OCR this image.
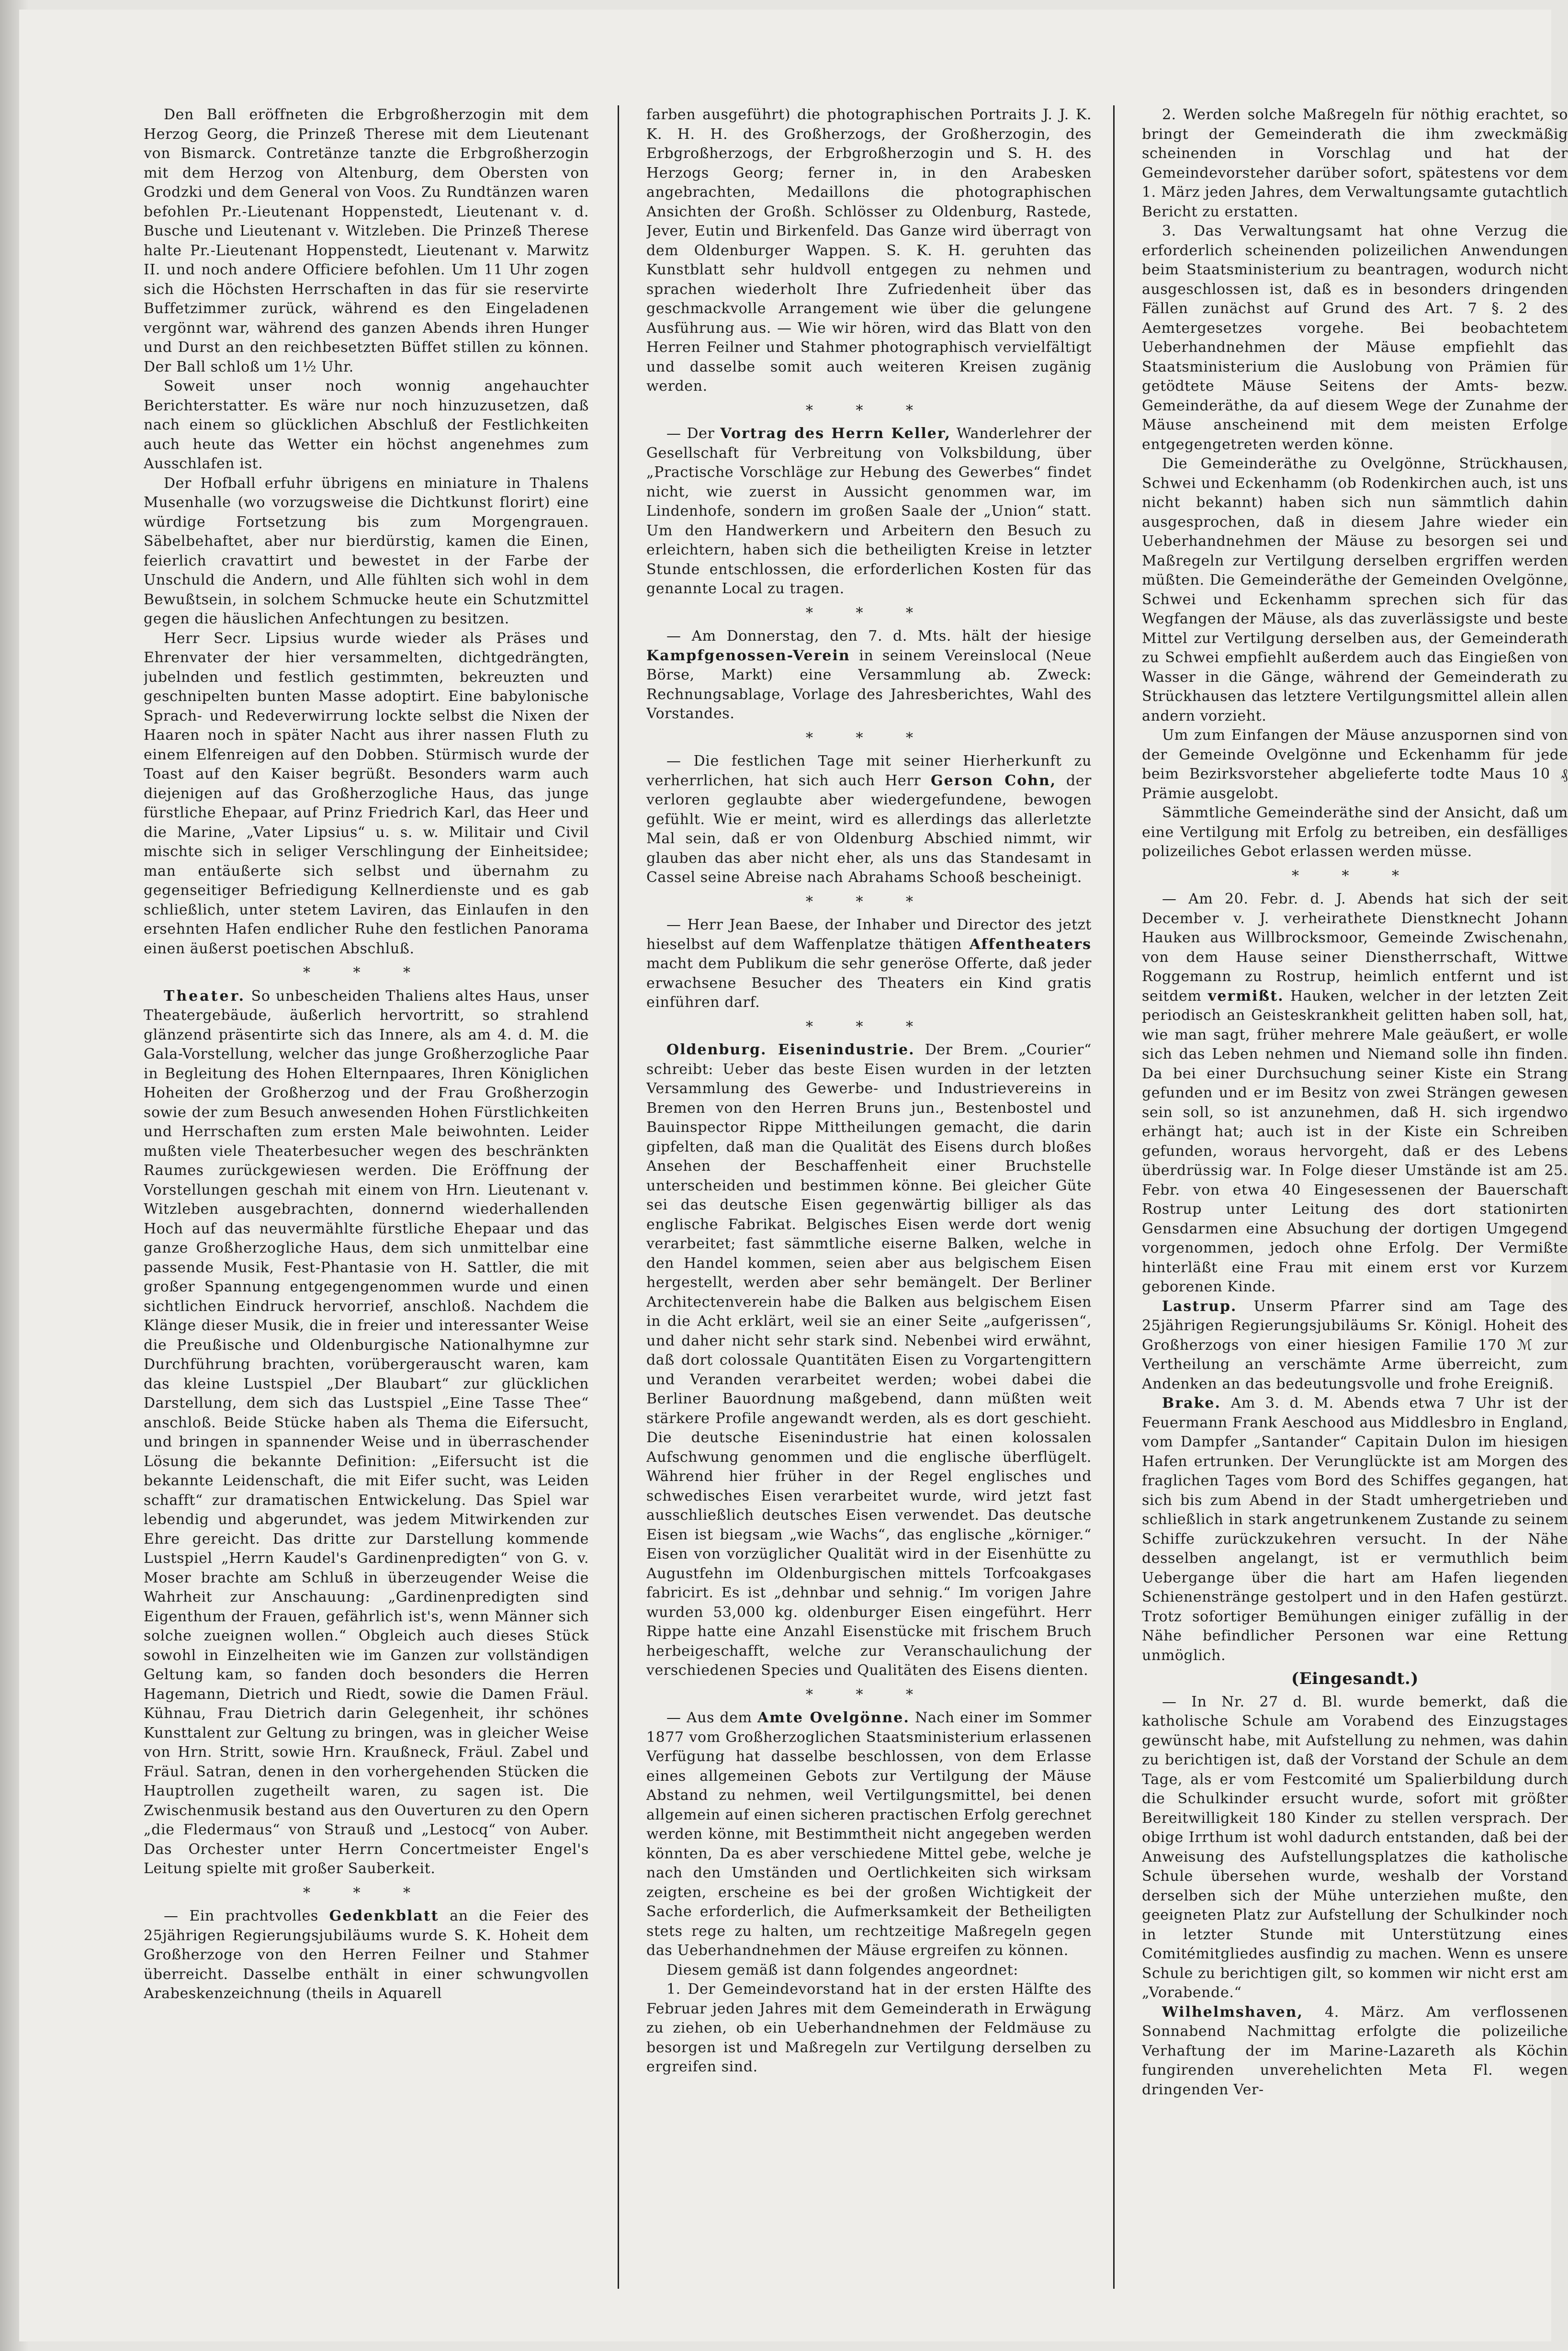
Den Ball eröffneten die Erbgroßherzogin mit dem Herzog Georg, die Prinzeß Therese mit dem Lieutenant von Bismarck. Contretänze tanzte die Erbgroßherzogin mit dem Herzog von Altenburg, dem Obersten von Grodzki und dem General von Voos. Zu Rundtänzen waren befohlen Pr.-Lieutenant Hoppenstedt, Lieutenant v. d. Busche und Lieutenant v. Witzleben. Die Prinzeß Therese halte Pr.-Lieutenant Hoppenstedt, Lieutenant v. Marwitz II. und noch andere Officiere befohlen. Um 11 Uhr zogen sich die Höchsten Herrschaften in das für sie reservirte Buffetzimmer zurück, während es den Eingeladenen vergönnt war, während des ganzen Abends ihren Hunger und Durst an den reichbesetzten Büffet stillen zu können. Der Ball schloß um 1½ Uhr.

Soweit unser noch wonnig angehauchter Berichterstatter. Es wäre nur noch hinzuzusetzen, daß nach einem so glücklichen Abschluß der Festlichkeiten auch heute das Wetter ein höchst angenehmes zum Ausschlafen ist.

Der Hofball erfuhr übrigens en miniature in Thalens Musenhalle (wo vorzugsweise die Dichtkunst florirt) eine würdige Fortsetzung bis zum Morgengrauen. Säbelbehaftet, aber nur bierdürstig, kamen die Einen, feierlich cravattirt und bewestet in der Farbe der Unschuld die Andern, und Alle fühlten sich wohl in dem Bewußtsein, in solchem Schmucke heute ein Schutzmittel gegen die häuslichen Anfechtungen zu besitzen.

Herr Secr. Lipsius wurde wieder als Präses und Ehrenvater der hier versammelten, dichtgedrängten, jubelnden und festlich gestimmten, bekreuzten und geschnipelten bunten Masse adoptirt. Eine babylonische Sprach- und Redeverwirrung lockte selbst die Nixen der Haaren noch in später Nacht aus ihrer nassen Fluth zu einem Elfenreigen auf den Dobben. Stürmisch wurde der Toast auf den Kaiser begrüßt. Besonders warm auch diejenigen auf das Großherzogliche Haus, das junge fürstliche Ehepaar, auf Prinz Friedrich Karl, das Heer und die Marine, „Vater Lipsius“ u. s. w. Militair und Civil mischte sich in seliger Verschlingung der Einheitsidee; man entäußerte sich selbst und übernahm zu gegenseitiger Befriedigung Kellnerdienste und es gab schließlich, unter stetem Laviren, das Einlaufen in den ersehnten Hafen endlicher Ruhe den festlichen Panorama einen äußerst poetischen Abschluß.

* * *

Theater. So unbescheiden Thaliens altes Haus, unser Theatergebäude, äußerlich hervortritt, so strahlend glänzend präsentirte sich das Innere, als am 4. d. M. die Gala-Vorstellung, welcher das junge Großherzogliche Paar in Begleitung des Hohen Elternpaares, Ihren Königlichen Hoheiten der Großherzog und der Frau Großherzogin sowie der zum Besuch anwesenden Hohen Fürstlichkeiten und Herrschaften zum ersten Male beiwohnten. Leider mußten viele Theaterbesucher wegen des beschränkten Raumes zurückgewiesen werden. Die Eröffnung der Vorstellungen geschah mit einem von Hrn. Lieutenant v. Witzleben ausgebrachten, donnernd wiederhallenden Hoch auf das neuvermählte fürstliche Ehepaar und das ganze Großherzogliche Haus, dem sich unmittelbar eine passende Musik, Fest-Phantasie von H. Sattler, die mit großer Spannung entgegengenommen wurde und einen sichtlichen Eindruck hervorrief, anschloß. Nachdem die Klänge dieser Musik, die in freier und interessanter Weise die Preußische und Oldenburgische Nationalhymne zur Durchführung brachten, vorübergerauscht waren, kam das kleine Lustspiel „Der Blaubart“ zur glücklichen Darstellung, dem sich das Lustspiel „Eine Tasse Thee“ anschloß. Beide Stücke haben als Thema die Eifersucht, und bringen in spannender Weise und in überraschender Lösung die bekannte Definition: „Eifersucht ist die bekannte Leidenschaft, die mit Eifer sucht, was Leiden schafft“ zur dramatischen Entwickelung. Das Spiel war lebendig und abgerundet, was jedem Mitwirkenden zur Ehre gereicht. Das dritte zur Darstellung kommende Lustspiel „Herrn Kaudel's Gardinenpredigten“ von G. v. Moser brachte am Schluß in überzeugender Weise die Wahrheit zur Anschauung: „Gardinenpredigten sind Eigenthum der Frauen, gefährlich ist's, wenn Männer sich solche zueignen wollen.“ Obgleich auch dieses Stück sowohl in Einzelheiten wie im Ganzen zur vollständigen Geltung kam, so fanden doch besonders die Herren Hagemann, Dietrich und Riedt, sowie die Damen Fräul. Kühnau, Frau Dietrich darin Gelegenheit, ihr schönes Kunsttalent zur Geltung zu bringen, was in gleicher Weise von Hrn. Stritt, sowie Hrn. Kraußneck, Fräul. Zabel und Fräul. Satran, denen in den vorhergehenden Stücken die Hauptrollen zugetheilt waren, zu sagen ist. Die Zwischenmusik bestand aus den Ouverturen zu den Opern „die Fledermaus“ von Strauß und „Lestocq“ von Auber. Das Orchester unter Herrn Concertmeister Engel's Leitung spielte mit großer Sauberkeit.

* * *

— Ein prachtvolles Gedenkblatt an die Feier des 25jährigen Regierungsjubiläums wurde S. K. Hoheit dem Großherzoge von den Herren Feilner und Stahmer überreicht. Dasselbe enthält in einer schwungvollen Arabeskenzeichnung (theils in Aquarell

farben ausgeführt) die photographischen Portraits J. J. K. K. H. H. des Großherzogs, der Großherzogin, des Erbgroßherzogs, der Erbgroßherzogin und S. H. des Herzogs Georg; ferner in, in den Arabesken angebrachten, Medaillons die photographischen Ansichten der Großh. Schlösser zu Oldenburg, Rastede, Jever, Eutin und Birkenfeld. Das Ganze wird überragt von dem Oldenburger Wappen. S. K. H. geruhten das Kunstblatt sehr huldvoll entgegen zu nehmen und sprachen wiederholt Ihre Zufriedenheit über das geschmackvolle Arrangement wie über die gelungene Ausführung aus. — Wie wir hören, wird das Blatt von den Herren Feilner und Stahmer photographisch vervielfältigt und dasselbe somit auch weiteren Kreisen zugänig werden.

* * *

— Der Vortrag des Herrn Keller, Wanderlehrer der Gesellschaft für Verbreitung von Volksbildung, über „Practische Vorschläge zur Hebung des Gewerbes“ findet nicht, wie zuerst in Aussicht genommen war, im Lindenhofe, sondern im großen Saale der „Union“ statt. Um den Handwerkern und Arbeitern den Besuch zu erleichtern, haben sich die betheiligten Kreise in letzter Stunde entschlossen, die erforderlichen Kosten für das genannte Local zu tragen.

* * *

— Am Donnerstag, den 7. d. Mts. hält der hiesige Kampfgenossen-Verein in seinem Vereinslocal (Neue Börse, Markt) eine Versammlung ab. Zweck: Rechnungsablage, Vorlage des Jahresberichtes, Wahl des Vorstandes.

* * *

— Die festlichen Tage mit seiner Hierherkunft zu verherrlichen, hat sich auch Herr Gerson Cohn, der verloren geglaubte aber wiedergefundene, bewogen gefühlt. Wie er meint, wird es allerdings das allerletzte Mal sein, daß er von Oldenburg Abschied nimmt, wir glauben das aber nicht eher, als uns das Standesamt in Cassel seine Abreise nach Abrahams Schooß bescheinigt.

* * *

— Herr Jean Baese, der Inhaber und Director des jetzt hieselbst auf dem Waffenplatze thätigen Affentheaters macht dem Publikum die sehr generöse Offerte, daß jeder erwachsene Besucher des Theaters ein Kind gratis einführen darf.

* * *

Oldenburg. Eisenindustrie. Der Brem. „Courier“ schreibt: Ueber das beste Eisen wurden in der letzten Versammlung des Gewerbe- und Industrievereins in Bremen von den Herren Bruns jun., Bestenbostel und Bauinspector Rippe Mittheilungen gemacht, die darin gipfelten, daß man die Qualität des Eisens durch bloßes Ansehen der Beschaffenheit einer Bruchstelle unterscheiden und bestimmen könne. Bei gleicher Güte sei das deutsche Eisen gegenwärtig billiger als das englische Fabrikat. Belgisches Eisen werde dort wenig verarbeitet; fast sämmtliche eiserne Balken, welche in den Handel kommen, seien aber aus belgischem Eisen hergestellt, werden aber sehr bemängelt. Der Berliner Architectenverein habe die Balken aus belgischem Eisen in die Acht erklärt, weil sie an einer Seite „aufgerissen“, und daher nicht sehr stark sind. Nebenbei wird erwähnt, daß dort colossale Quantitäten Eisen zu Vorgartengittern und Veranden verarbeitet werden; wobei dabei die Berliner Bauordnung maßgebend, dann müßten weit stärkere Profile angewandt werden, als es dort geschieht. Die deutsche Eisenindustrie hat einen kolossalen Aufschwung genommen und die englische überflügelt. Während hier früher in der Regel englisches und schwedisches Eisen verarbeitet wurde, wird jetzt fast ausschließlich deutsches Eisen verwendet. Das deutsche Eisen ist biegsam „wie Wachs“, das englische „körniger.“ Eisen von vorzüglicher Qualität wird in der Eisenhütte zu Augustfehn im Oldenburgischen mittels Torfcoakgases fabricirt. Es ist „dehnbar und sehnig.“ Im vorigen Jahre wurden 53,000 kg. oldenburger Eisen eingeführt. Herr Rippe hatte eine Anzahl Eisenstücke mit frischem Bruch herbeigeschafft, welche zur Veranschaulichung der verschiedenen Species und Qualitäten des Eisens dienten.

* * *

— Aus dem Amte Ovelgönne. Nach einer im Sommer 1877 vom Großherzoglichen Staatsministerium erlassenen Verfügung hat dasselbe beschlossen, von dem Erlasse eines allgemeinen Gebots zur Vertilgung der Mäuse Abstand zu nehmen, weil Vertilgungsmittel, bei denen allgemein auf einen sicheren practischen Erfolg gerechnet werden könne, mit Bestimmtheit nicht angegeben werden könnten, Da es aber verschiedene Mittel gebe, welche je nach den Umständen und Oertlichkeiten sich wirksam zeigten, erscheine es bei der großen Wichtigkeit der Sache erforderlich, die Aufmerksamkeit der Betheiligten stets rege zu halten, um rechtzeitige Maßregeln gegen das Ueberhandnehmen der Mäuse ergreifen zu können.

Diesem gemäß ist dann folgendes angeordnet:

1. Der Gemeindevorstand hat in der ersten Hälfte des Februar jeden Jahres mit dem Gemeinderath in Erwägung zu ziehen, ob ein Ueberhandnehmen der Feldmäuse zu besorgen ist und Maßregeln zur Vertilgung derselben zu ergreifen sind.

2. Werden solche Maßregeln für nöthig erachtet, so bringt der Gemeinderath die ihm zweckmäßig scheinenden in Vorschlag und hat der Gemeindevorsteher darüber sofort, spätestens vor dem 1. März jeden Jahres, dem Verwaltungsamte gutachtlich Bericht zu erstatten.

3. Das Verwaltungsamt hat ohne Verzug die erforderlich scheinenden polizeilichen Anwendungen beim Staatsministerium zu beantragen, wodurch nicht ausgeschlossen ist, daß es in besonders dringenden Fällen zunächst auf Grund des Art. 7 §. 2 des Aemtergesetzes vorgehe. Bei beobachtetem Ueberhandnehmen der Mäuse empfiehlt das Staatsministerium die Auslobung von Prämien für getödtete Mäuse Seitens der Amts- bezw. Gemeinderäthe, da auf diesem Wege der Zunahme der Mäuse anscheinend mit dem meisten Erfolge entgegengetreten werden könne.

Die Gemeinderäthe zu Ovelgönne, Strückhausen, Schwei und Eckenhamm (ob Rodenkirchen auch, ist uns nicht bekannt) haben sich nun sämmtlich dahin ausgesprochen, daß in diesem Jahre wieder ein Ueberhandnehmen der Mäuse zu besorgen sei und Maßregeln zur Vertilgung derselben ergriffen werden müßten. Die Gemeinderäthe der Gemeinden Ovelgönne, Schwei und Eckenhamm sprechen sich für das Wegfangen der Mäuse, als das zuverlässigste und beste Mittel zur Vertilgung derselben aus, der Gemeinderath zu Schwei empfiehlt außerdem auch das Eingießen von Wasser in die Gänge, während der Gemeinderath zu Strückhausen das letztere Vertilgungsmittel allein allen andern vorzieht.

Um zum Einfangen der Mäuse anzuspornen sind von der Gemeinde Ovelgönne und Eckenhamm für jede beim Bezirksvorsteher abgelieferte todte Maus 10 ₰ Prämie ausgelobt.

Sämmtliche Gemeinderäthe sind der Ansicht, daß um eine Vertilgung mit Erfolg zu betreiben, ein desfälliges polizeiliches Gebot erlassen werden müsse.

* * *

— Am 20. Febr. d. J. Abends hat sich der seit December v. J. verheirathete Dienstknecht Johann Hauken aus Willbrocksmoor, Gemeinde Zwischenahn, von dem Hause seiner Dienstherrschaft, Wittwe Roggemann zu Rostrup, heimlich entfernt und ist seitdem vermißt. Hauken, welcher in der letzten Zeit periodisch an Geisteskrankheit gelitten haben soll, hat, wie man sagt, früher mehrere Male geäußert, er wolle sich das Leben nehmen und Niemand solle ihn finden. Da bei einer Durchsuchung seiner Kiste ein Strang gefunden und er im Besitz von zwei Strängen gewesen sein soll, so ist anzunehmen, daß H. sich irgendwo erhängt hat; auch ist in der Kiste ein Schreiben gefunden, woraus hervorgeht, daß er des Lebens überdrüssig war. In Folge dieser Umstände ist am 25. Febr. von etwa 40 Eingesessenen der Bauerschaft Rostrup unter Leitung des dort stationirten Gensdarmen eine Absuchung der dortigen Umgegend vorgenommen, jedoch ohne Erfolg. Der Vermißte hinterläßt eine Frau mit einem erst vor Kurzem geborenen Kinde.

Lastrup. Unserm Pfarrer sind am Tage des 25jährigen Regierungsjubiläums Sr. Königl. Hoheit des Großherzogs von einer hiesigen Familie 170 ℳ zur Vertheilung an verschämte Arme überreicht, zum Andenken an das bedeutungsvolle und frohe Ereigniß.

Brake. Am 3. d. M. Abends etwa 7 Uhr ist der Feuermann Frank Aeschood aus Middlesbro in England, vom Dampfer „Santander“ Capitain Dulon im hiesigen Hafen ertrunken. Der Verunglückte ist am Morgen des fraglichen Tages vom Bord des Schiffes gegangen, hat sich bis zum Abend in der Stadt umhergetrieben und schließlich in stark angetrunkenem Zustande zu seinem Schiffe zurückzukehren versucht. In der Nähe desselben angelangt, ist er vermuthlich beim Uebergange über die hart am Hafen liegenden Schienenstränge gestolpert und in den Hafen gestürzt. Trotz sofortiger Bemühungen einiger zufällig in der Nähe befindlicher Personen war eine Rettung unmöglich.

(Eingesandt.)

— In Nr. 27 d. Bl. wurde bemerkt, daß die katholische Schule am Vorabend des Einzugstages gewünscht habe, mit Aufstellung zu nehmen, was dahin zu berichtigen ist, daß der Vorstand der Schule an dem Tage, als er vom Festcomité um Spalierbildung durch die Schulkinder ersucht wurde, sofort mit größter Bereitwilligkeit 180 Kinder zu stellen versprach. Der obige Irrthum ist wohl dadurch entstanden, daß bei der Anweisung des Aufstellungsplatzes die katholische Schule übersehen wurde, weshalb der Vorstand derselben sich der Mühe unterziehen mußte, den geeigneten Platz zur Aufstellung der Schulkinder noch in letzter Stunde mit Unterstützung eines Comitémitgliedes ausfindig zu machen. Wenn es unsere Schule zu berichtigen gilt, so kommen wir nicht erst am „Vorabende.“

Wilhelmshaven, 4. März. Am verflossenen Sonnabend Nachmittag erfolgte die polizeiliche Verhaftung der im Marine-Lazareth als Köchin fungirenden unverehelichten Meta Fl. wegen dringenden Ver-
